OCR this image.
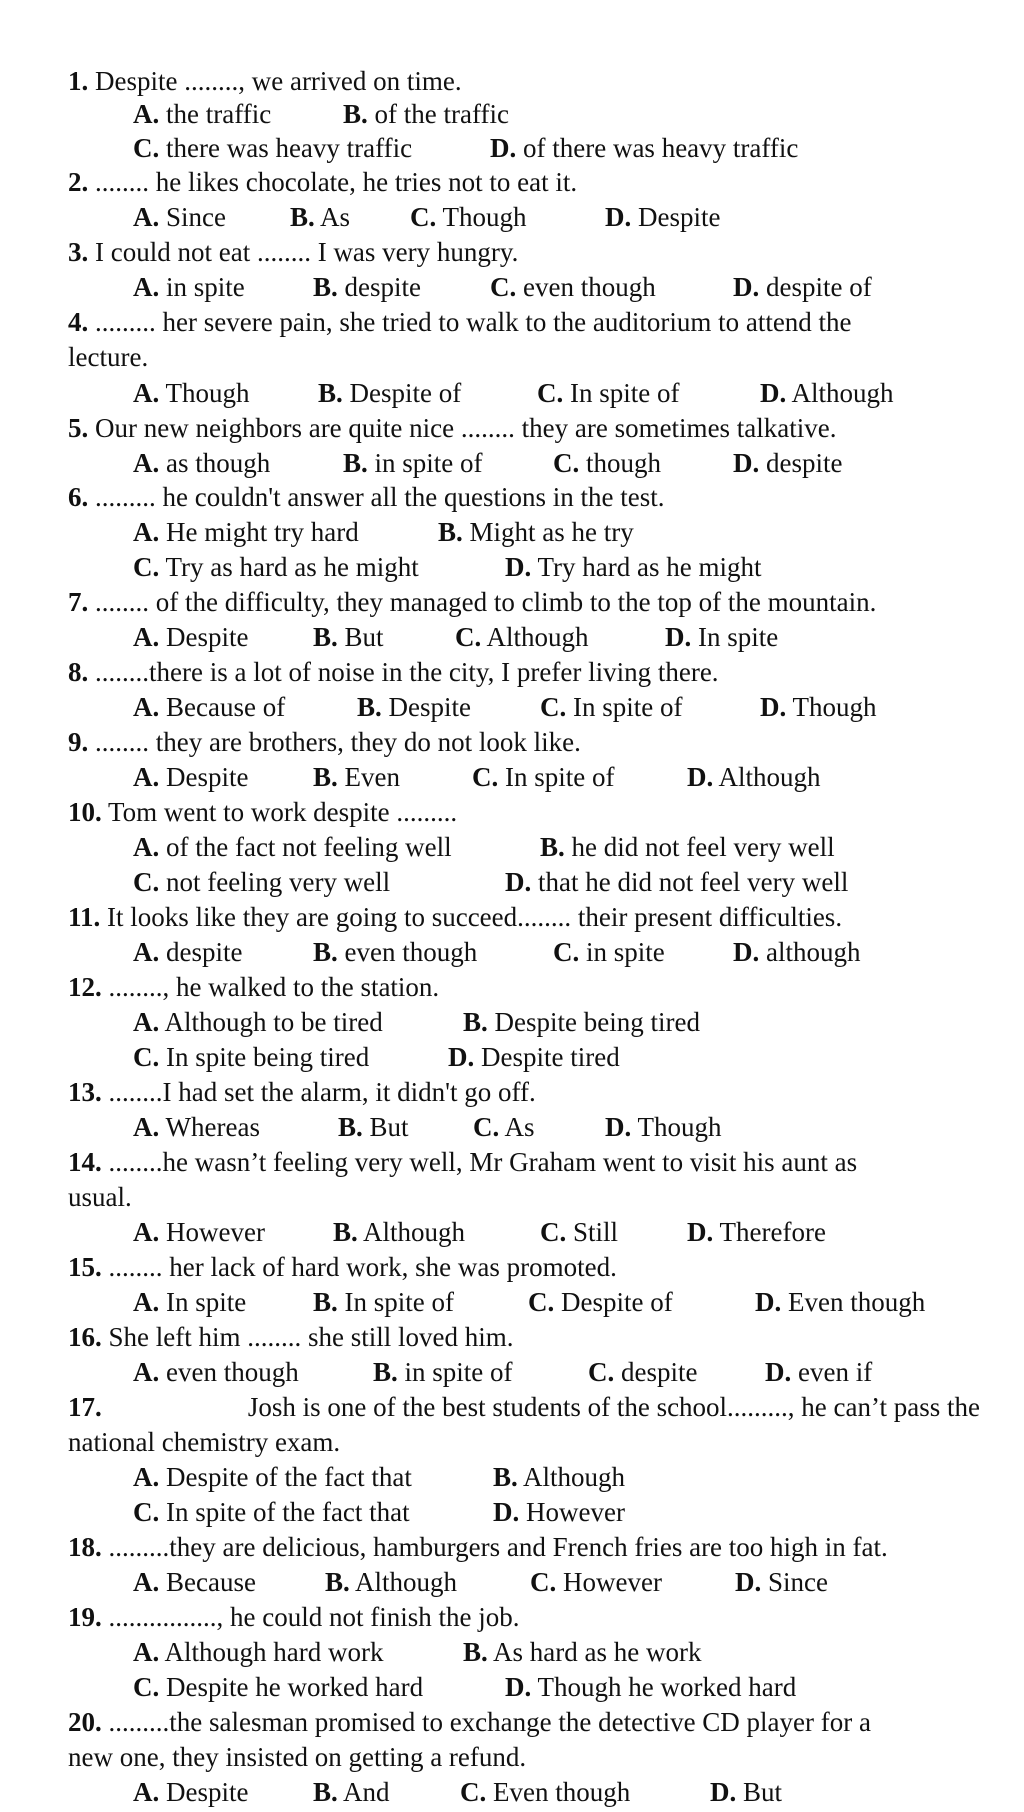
1. Despite ........, we arrived on time.
A. the traffic	B. of the traffic
C. there was heavy traffic	D. of there was heavy traffic
2. ........ he likes chocolate, he tries not to eat it.
A. Since B. As C. Though	D. Despite
3. I could not eat ........ I was very hungry.
A. in spite	B. despite	C. even though	D. despite of
4. ......... her severe pain, she tried to walk to the auditorium to attend the
lecture.
A. Though	B. Despite of	C. In spite of	D. Although
5. Our new neighbors are quite nice ........ they are sometimes talkative.
A. as though	B. in spite of	C. though	D. despite
6. ......... he couldn't answer all the questions in the test.
A. He might try hard	B. Might as he try
C. Try as hard as he might	D. Try hard as he might
7. ........ of the difficulty, they managed to climb to the top of the mountain.
A. Despite B. But	C. Although	D. In spite
8. ........there is a lot of noise in the city, I prefer living there.
A. Because of	B. Despite	C. In spite of	D. Though
9. ........ they are brothers, they do not look like.
A. Despite B. Even	C. In spite of	D. Although
10. Tom went to work despite .........
A. of the fact not feeling well	B. he did not feel very well
C. not feeling very well	D. that he did not feel very well
11. It looks like they are going to succeed........ their present difficulties.
A. despite	B. even though	C. in spite	D. although
12. ........, he walked to the station.
A. Although to be tired	B. Despite being tired
C. In spite being tired	D. Despite tired
13. ........I had set the alarm, it didn't go off.
A. Whereas	B. But C. As	D. Though
14. ........he wasn’t feeling very well, Mr Graham went to visit his aunt as
usual.
A. However	B. Although	C. Still	D. Therefore
15. ........ her lack of hard work, she was promoted.
A. In spite B. In spite of	C. Despite of	D. Even though
16. She left him ........ she still loved him.
A. even though	B. in spite of	C. despite	D. even if
17.	Josh is one of the best students of the school........., he can’t pass the
national chemistry exam.
A. Despite of the fact that	B. Although
C. In spite of the fact that	D. However
18. .........they are delicious, hamburgers and French fries are too high in fat.
A. Because	B. Although	C. However	D. Since
19. ................, he could not finish the job.
A. Although hard work	B. As hard as he work
C. Despite he worked hard	D. Though he worked hard
20. .........the salesman promised to exchange the detective CD player for a
new one, they insisted on getting a refund.
A. Despite B. And	C. Even though	D. But
